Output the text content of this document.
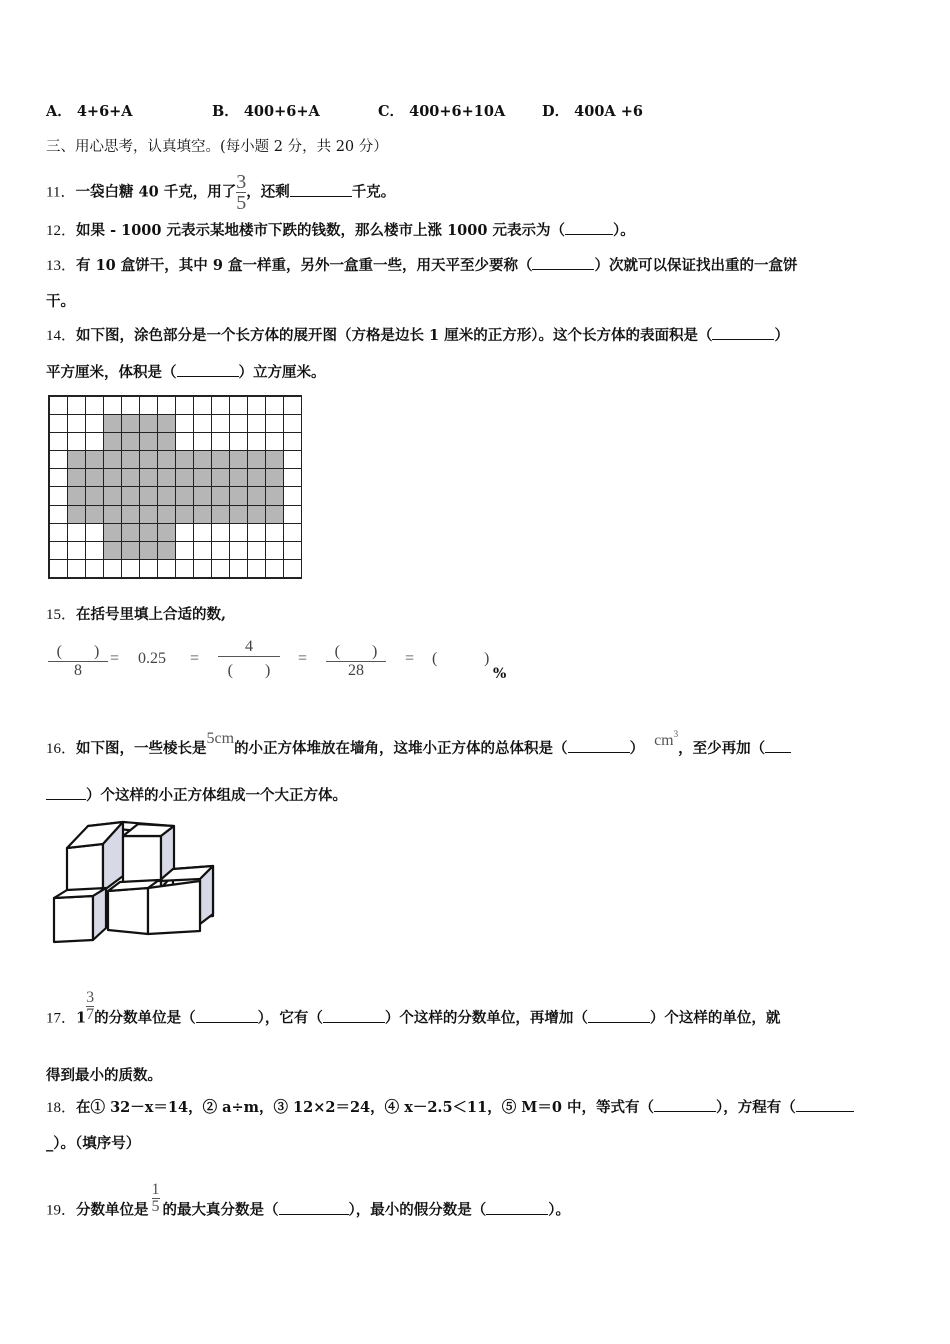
A． 4+6+A	B． 400+6+A	C． 400+6+10A	D． 400A +6
三、用心思考，认真填空。(每小题 2 分，共 20 分）
11．一袋白糖 40 千克，用了 $\frac{3}{5}$ ，还剩	千克。
12．如果 - 1000 元表示某地楼市下跌的钱数，那么楼市上涨 1000 元表示为（	）。
13．有 10 盒饼干，其中 9 盒一样重，另外一盒重一些，用天平至少要称（	）次就可以保证找出重的一盒饼
干。
14．如下图，涂色部分是一个长方体的展开图（方格是边长 1 厘米的正方形）。这个长方体的表面积是（	）
平方厘米，体积是（	）立方厘米。
15．在括号里填上合适的数,
(　　)
8
= 0.25 =
4
(　　)
=	(　　)
28
= (	)
%
16．如下图，一些棱长是5cm的小正方体堆放在墙角，这堆小正方体的总体积是（	） $cm^3$，至少再加（
）个这样的小正方体组成一个大正方体。
17．$1 \frac{3}{7}$ 的分数单位是（	），它有（	）个这样的分数单位，再增加（	）个这样的单位，就
得到最小的质数。
18．在① 32－x＝14，② a÷m，③ 12×2＝24，④ x－2.5＜11，⑤ M＝0 中，等式有（	），方程有（
_）。（填序号）
19．分数单位是 $\frac{1}{5}$ 的最大真分数是（	），最小的假分数是（	）。
